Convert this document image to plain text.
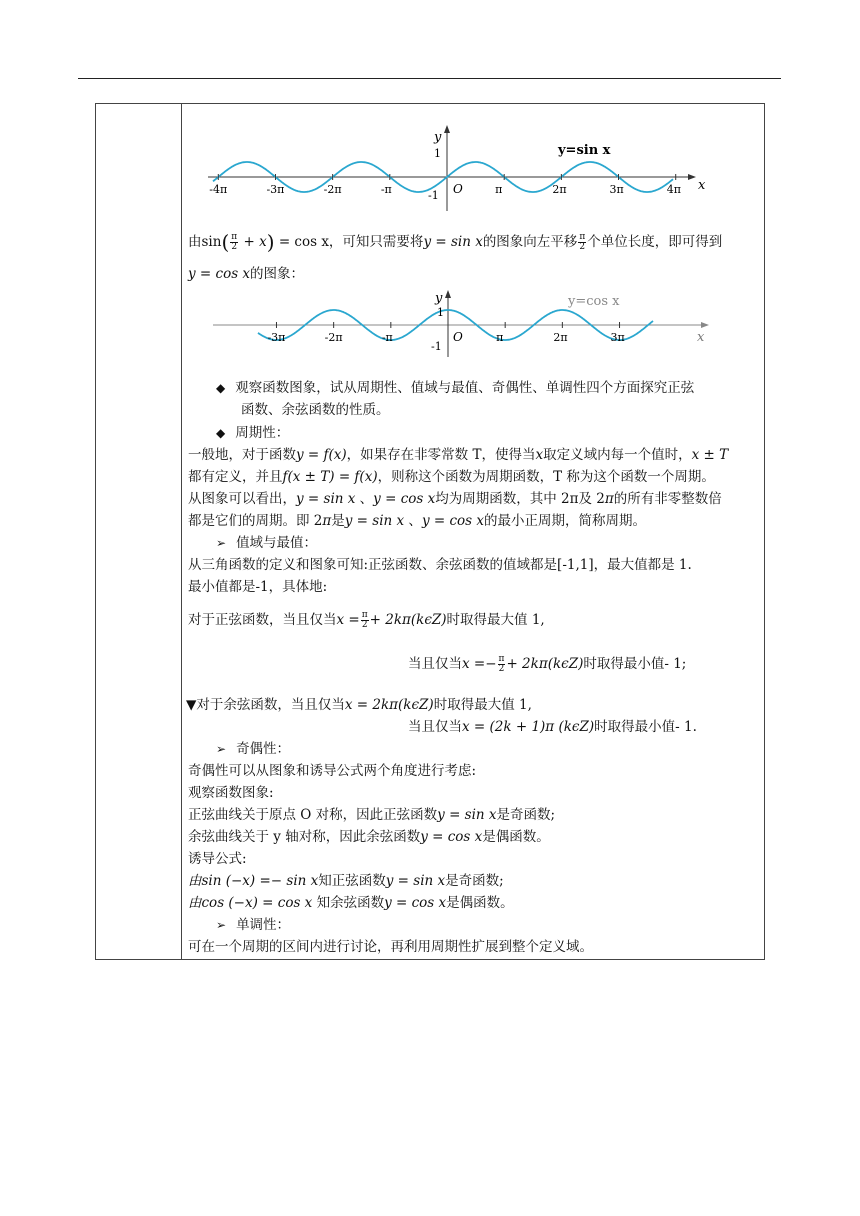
-4π	-3π	-2π	-π	π	2π	3π	4π
y
1
-1 O	x
y=sin x
由$\sin( \frac{\pi}{2} + x) = \cos x$，可知只需要将y = sin x的图象向左平移 $\frac{\pi}{2}$ 个单位长度，即可得到
y = cos x的图象：
-3π	-2π	-π	π	2π	3π
y
1
-1
O	x
y=cos x
◆ 观察函数图象，试从周期性、值域与最值、奇偶性、单调性四个方面探究正弦
函数、余弦函数的性质。
◆ 周期性：
一般地，对于函数y = f(x)，如果存在非零常数 T，使得当x取定义域内每一个值时，x ± T
都有定义，并且f(x ± T) = f(x)，则称这个函数为周期函数，T 称为这个函数一个周期。
从图象可以看出，y = sin x 、y = cos x均为周期函数，其中 2π及 2π的所有非零整数倍
都是它们的周期。即 2π是y = sin x 、y = cos x的最小正周期，简称周期。
➢ 值域与最值：
从三角函数的定义和图象可知:正弦函数、余弦函数的值域都是[-1,1]，最大值都是 1.
最小值都是-1，具体地:
对于正弦函数，当且仅当$x = \frac{\pi}{2} + 2k\pi(k\epsilon Z)$时取得最大值 1,
当且仅当$x =- \frac{\pi}{2} + 2k\pi(k\epsilon Z)$时取得最小值- 1;
▼对于余弦函数，当且仅当x = 2kπ(kϵZ)时取得最大值 1,
当且仅当x = (2k + 1)π (kϵZ)时取得最小值- 1.
➢ 奇偶性：
奇偶性可以从图象和诱导公式两个角度进行考虑:
观察函数图象:
正弦曲线关于原点 O 对称，因此正弦函数y = sin x是奇函数;
余弦曲线关于 y 轴对称，因此余弦函数y = cos x是偶函数。
诱导公式:
由sin (−x) =− sin x知正弦函数y = sin x是奇函数;
由cos (−x) = cos x 知余弦函数y = cos x是偶函数。
➢ 单调性：
可在一个周期的区间内进行讨论，再利用周期性扩展到整个定义域。
